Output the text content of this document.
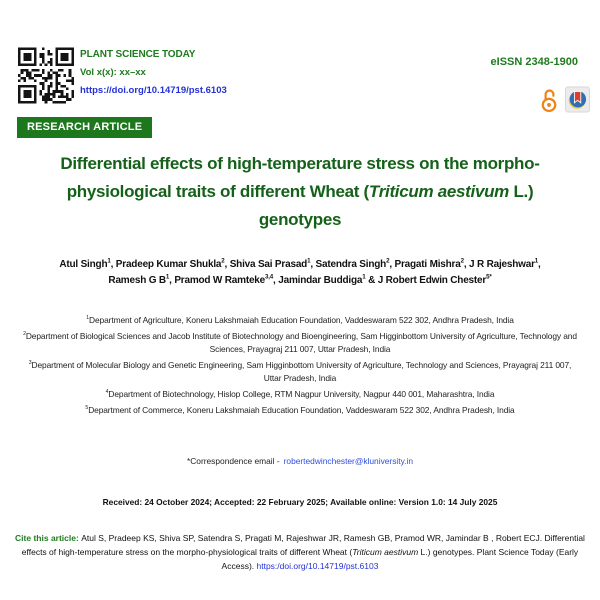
PLANT SCIENCE TODAY
Vol x(x): xx–xx
https://doi.org/10.14719/pst.6103
eISSN 2348-1900
RESEARCH ARTICLE
Differential effects of high-temperature stress on the morpho-physiological traits of different Wheat (Triticum aestivum L.) genotypes
Atul Singh$^1$, Pradeep Kumar Shukla$^2$, Shiva Sai Prasad$^1$, Satendra Singh$^2$, Pragati Mishra$^2$, J R Rajeshwar$^1$, Ramesh G $B^1$, Pramod W Ramteke$^{3,4}$, Jamindar Buddiga$^1$ & J Robert Edwin Chester$^{5*}$
$^1$Department of Agriculture, Koneru Lakshmaiah Education Foundation, Vaddeswaram 522 302, Andhra Pradesh, India
$^2$Department of Biological Sciences and Jacob Institute of Biotechnology and Bioengineering, Sam Higginbottom University of Agriculture, Technology and Sciences, Prayagraj 211 007, Uttar Pradesh, India
$^3$Department of Molecular Biology and Genetic Engineering, Sam Higginbottom University of Agriculture, Technology and Sciences, Prayagraj 211 007, Uttar Pradesh, India
$^4$Department of Biotechnology, Hislop College, RTM Nagpur University, Nagpur 440 001, Maharashtra, India
$^5$Department of Commerce, Koneru Lakshmaiah Education Foundation, Vaddeswaram 522 302, Andhra Pradesh, India
*Correspondence email - robertedwinchester@kluniversity.in
Received: 24 October 2024; Accepted: 22 February 2025; Available online: Version 1.0: 14 July 2025
Cite this article: Atul S, Pradeep KS, Shiva SP, Satendra S, Pragati M, Rajeshwar JR, Ramesh GB, Pramod WR, Jamindar B , Robert ECJ. Differential effects of high-temperature stress on the morpho-physiological traits of different Wheat (Triticum aestivum L.) genotypes. Plant Science Today (Early Access). https:/doi.org/10.14719/pst.6103
